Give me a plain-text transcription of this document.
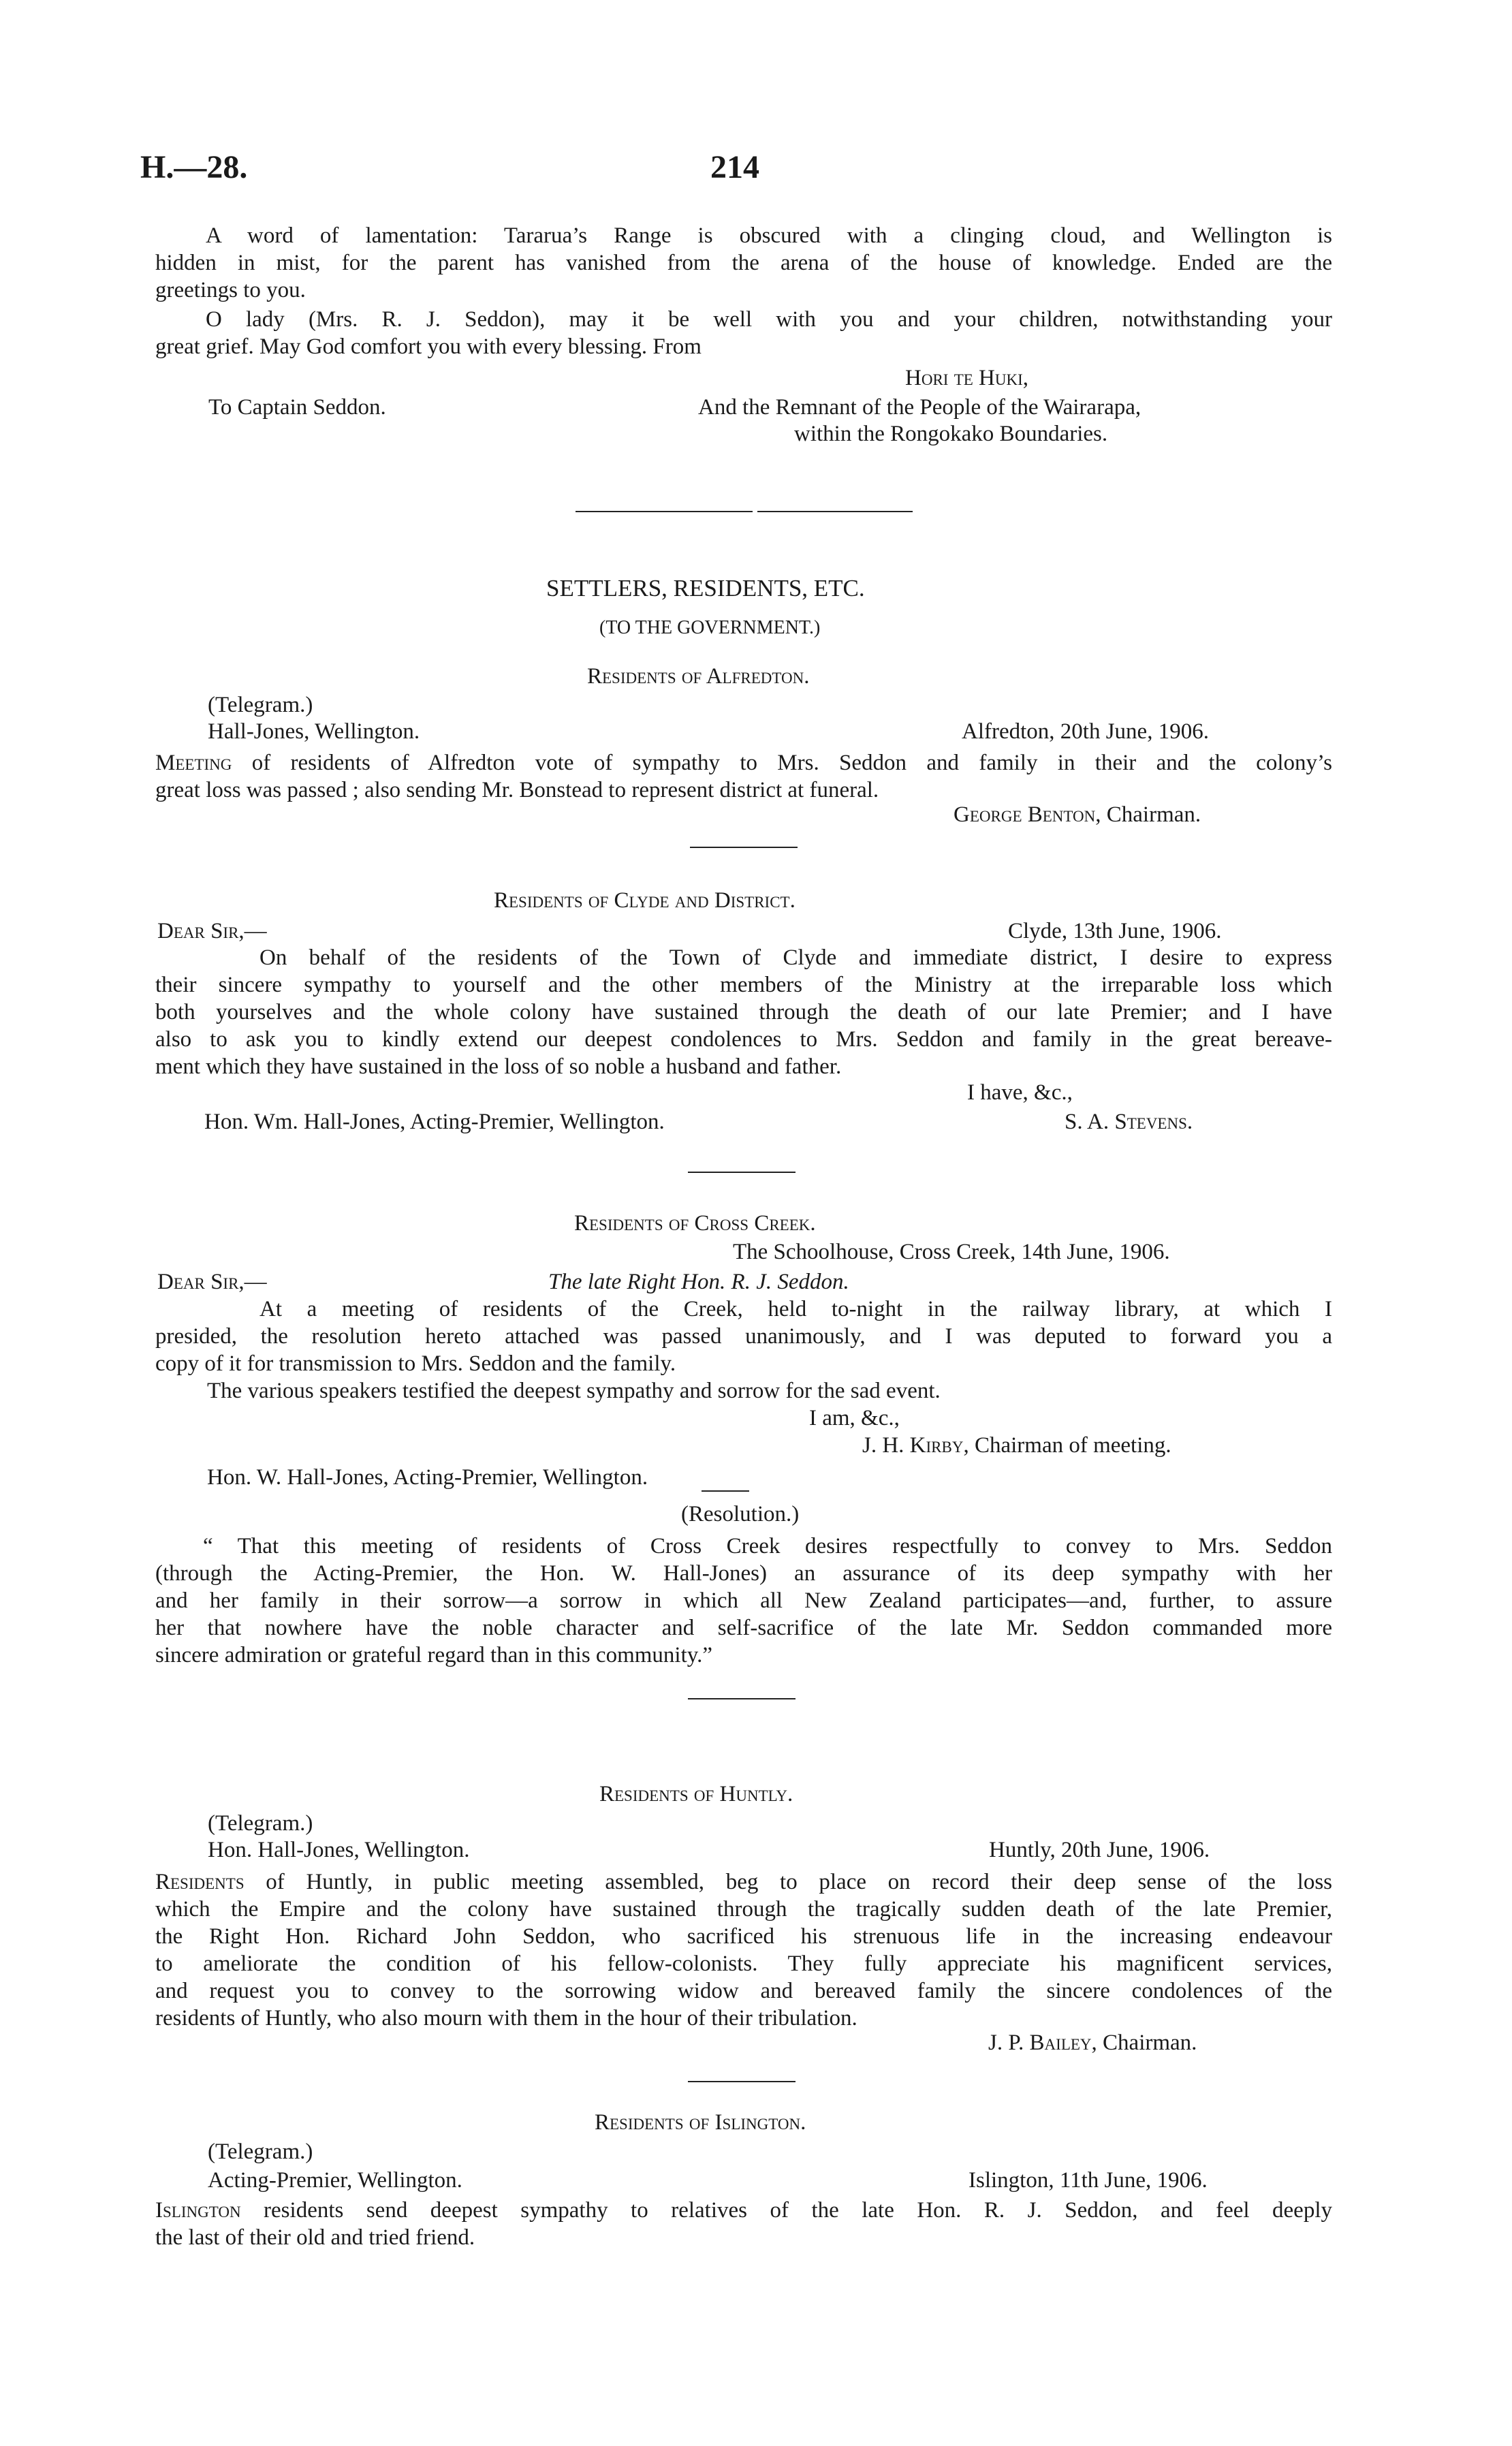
H.—28.	214
A word of lamentation: Tararua’s Range is obscured with a clinging cloud, and Wellington is
hidden in mist, for the parent has vanished from the arena of the house of knowledge. Ended are the
greetings to you.
O lady (Mrs. R. J. Seddon), may it be well with you and your children, notwithstanding your
great grief. May God comfort you with every blessing. From
Hori te Huki,
To Captain Seddon.	And the Remnant of the People of the Wairarapa,
within the Rongokako Boundaries.
SETTLERS, RESIDENTS, ETC.
(TO THE GOVERNMENT.)
Residents of Alfredton.
(Telegram.)
Hall-Jones, Wellington.	Alfredton, 20th June, 1906.
Meeting of residents of Alfredton vote of sympathy to Mrs. Seddon and family in their and the colony’s
great loss was passed ; also sending Mr. Bonstead to represent district at funeral.
George Benton, Chairman.
Residents of Clyde and District.
Dear Sir,—	Clyde, 13th June, 1906.
On behalf of the residents of the Town of Clyde and immediate district, I desire to express
their sincere sympathy to yourself and the other members of the Ministry at the irreparable loss which
both yourselves and the whole colony have sustained through the death of our late Premier; and I have
also to ask you to kindly extend our deepest condolences to Mrs. Seddon and family in the great bereave-
ment which they have sustained in the loss of so noble a husband and father.
I have, &c.,
Hon. Wm. Hall-Jones, Acting-Premier, Wellington.	S. A. Stevens.
Residents of Cross Creek.
The Schoolhouse, Cross Creek, 14th June, 1906.
Dear Sir,—	The late Right Hon. R. J. Seddon.
At a meeting of residents of the Creek, held to-night in the railway library, at which I
presided, the resolution hereto attached was passed unanimously, and I was deputed to forward you a
copy of it for transmission to Mrs. Seddon and the family.
The various speakers testified the deepest sympathy and sorrow for the sad event.
I am, &c.,
J. H. Kirby, Chairman of meeting.
Hon. W. Hall-Jones, Acting-Premier, Wellington.
(Resolution.)
“ That this meeting of residents of Cross Creek desires respectfully to convey to Mrs. Seddon
(through the Acting-Premier, the Hon. W. Hall-Jones) an assurance of its deep sympathy with her
and her family in their sorrow—a sorrow in which all New Zealand participates—and, further, to assure
her that nowhere have the noble character and self-sacrifice of the late Mr. Seddon commanded more
sincere admiration or grateful regard than in this community.”
Residents of Huntly.
(Telegram.)
Hon. Hall-Jones, Wellington.	Huntly, 20th June, 1906.
Residents of Huntly, in public meeting assembled, beg to place on record their deep sense of the loss
which the Empire and the colony have sustained through the tragically sudden death of the late Premier,
the Right Hon. Richard John Seddon, who sacrificed his strenuous life in the increasing endeavour
to ameliorate the condition of his fellow-colonists. They fully appreciate his magnificent services,
and request you to convey to the sorrowing widow and bereaved family the sincere condolences of the
residents of Huntly, who also mourn with them in the hour of their tribulation.
J. P. Bailey, Chairman.
Residents of Islington.
(Telegram.)
Acting-Premier, Wellington.	Islington, 11th June, 1906.
Islington residents send deepest sympathy to relatives of the late Hon. R. J. Seddon, and feel deeply
the last of their old and tried friend.
